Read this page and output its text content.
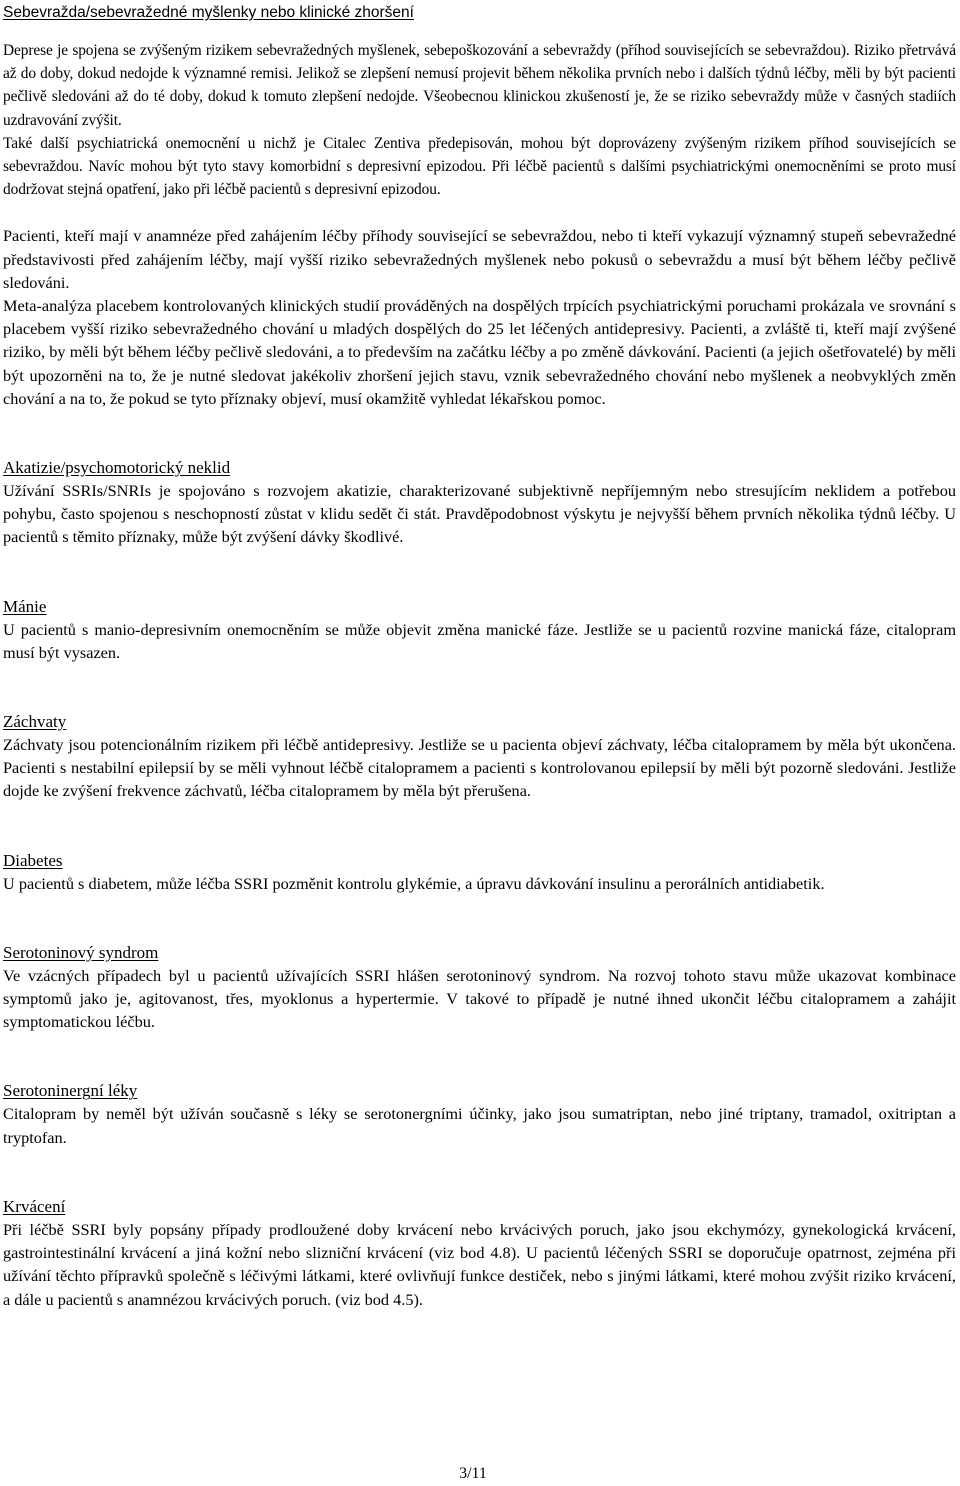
Sebevražda/sebevražedné myšlenky nebo klinické zhoršení

Deprese je spojena se zvýšeným rizikem sebevražedných myšlenek, sebepoškozování a sebevraždy (příhod souvisejících se sebevraždou). Riziko přetrvává až do doby, dokud nedojde k významné remisi. Jelikož se zlepšení nemusí projevit během několika prvních nebo i dalších týdnů léčby, měli by být pacienti pečlivě sledováni až do té doby, dokud k tomuto zlepšení nedojde. Všeobecnou klinickou zkušeností je, že se riziko sebevraždy může v časných stadiích uzdravování zvýšit.

Také další psychiatrická onemocnění u nichž je Citalec Zentiva předepisován, mohou být doprovázeny zvýšeným rizikem příhod souvisejících se sebevraždou. Navíc mohou být tyto stavy komorbidní s depresivní epizodou. Při léčbě pacientů s dalšími psychiatrickými onemocněními se proto musí dodržovat stejná opatření, jako při léčbě pacientů s depresivní epizodou.

Pacienti, kteří mají v anamnéze před zahájením léčby příhody související se sebevraždou, nebo ti kteří vykazují významný stupeň sebevražedné představivosti před zahájením léčby, mají vyšší riziko sebevražedných myšlenek nebo pokusů o sebevraždu a musí být během léčby pečlivě sledováni.

Meta-analýza placebem kontrolovaných klinických studií prováděných na dospělých trpících psychiatrickými poruchami prokázala ve srovnání s placebem vyšší riziko sebevražedného chování u mladých dospělých do 25 let léčených antidepresivy. Pacienti, a zvláště ti, kteří mají zvýšené riziko, by měli být během léčby pečlivě sledováni, a to především na začátku léčby a po změně dávkování. Pacienti (a jejich ošetřovatelé) by měli být upozorněni na to, že je nutné sledovat jakékoliv zhoršení jejich stavu, vznik sebevražedného chování nebo myšlenek a neobvyklých změn chování a na to, že pokud se tyto příznaky objeví, musí okamžitě vyhledat lékařskou pomoc.

Akatizie/psychomotorický neklid

Užívání SSRIs/SNRIs je spojováno s rozvojem akatizie, charakterizované subjektivně nepříjemným nebo stresujícím neklidem a potřebou pohybu, často spojenou s neschopností zůstat v klidu sedět či stát. Pravděpodobnost výskytu je nejvyšší během prvních několika týdnů léčby. U pacientů s těmito příznaky, může být zvýšení dávky škodlivé.

Mánie

U pacientů s manio-depresivním onemocněním se může objevit změna manické fáze. Jestliže se u pacientů rozvine manická fáze, citalopram musí být vysazen.

Záchvaty

Záchvaty jsou potencionálním rizikem při léčbě antidepresivy. Jestliže se u pacienta objeví záchvaty, léčba citalopramem by měla být ukončena. Pacienti s nestabilní epilepsií by se měli vyhnout léčbě citalopramem a pacienti s kontrolovanou epilepsií by měli být pozorně sledováni. Jestliže dojde ke zvýšení frekvence záchvatů, léčba citalopramem by měla být přerušena.

Diabetes

U pacientů s diabetem, může léčba SSRI pozměnit kontrolu glykémie, a úpravu dávkování insulinu a perorálních antidiabetik.

Serotoninový syndrom

Ve vzácných případech byl u pacientů užívajících SSRI hlášen serotoninový syndrom. Na rozvoj tohoto stavu může ukazovat kombinace symptomů jako je, agitovanost, třes, myoklonus a hypertermie. V takové to případě je nutné ihned ukončit léčbu citalopramem a zahájit symptomatickou léčbu.

Serotoninergní léky

Citalopram by neměl být užíván současně s léky se serotonergními účinky, jako jsou sumatriptan, nebo jiné triptany, tramadol, oxitriptan a tryptofan.

Krvácení

Při léčbě SSRI byly popsány případy prodloužené doby krvácení nebo krvácivých poruch, jako jsou ekchymózy, gynekologická krvácení, gastrointestinální krvácení a jiná kožní nebo slizniční krvácení (viz bod 4.8). U pacientů léčených SSRI se doporučuje opatrnost, zejména při užívání těchto přípravků společně s léčivými látkami, které ovlivňují funkce destiček, nebo s jinými látkami, které mohou zvýšit riziko krvácení, a dále u pacientů s anamnézou krvácivých poruch. (viz bod 4.5).

3/11
